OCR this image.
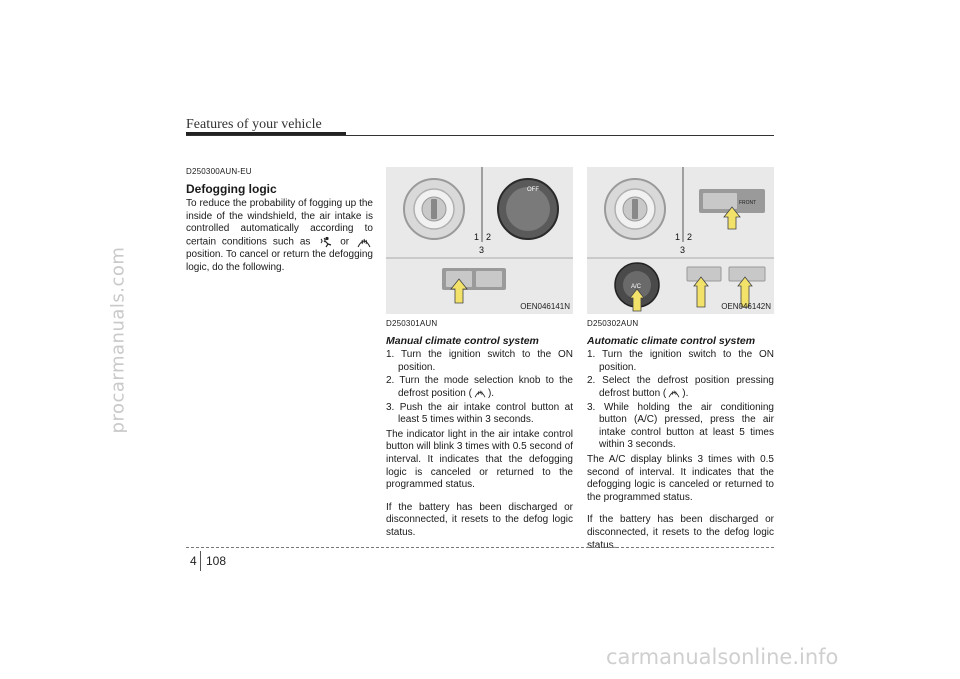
procarmanuals.com
carmanualsonline.info
Features of your vehicle
D250300AUN-EU
Defogging logic

To reduce the probability of fogging up the inside of the windshield, the air intake is controlled automatically according to certain conditions such as	or  position. To cancel or return the defogging logic, do the following.

OFF
1 2
3
OEN046141N
FRONT
1 2
3
A/C
OEN046142N
D250301AUN
Manual climate control system
1. Turn the ignition switch to the ON position.
2. Turn the mode selection knob to the defrost position ( ).
3. Push the air intake control button at least 5 times within 3 seconds.

The indicator light in the air intake control button will blink 3 times with 0.5 second of interval. It indicates that the defogging logic is canceled or returned to the programmed status.

If the battery has been discharged or disconnected, it resets to the defog logic status.

D250302AUN
Automatic climate control system
1. Turn the ignition switch to the ON position.
2. Select the defrost position pressing defrost button ( ).
3. While holding the air conditioning button (A/C) pressed, press the air intake control button at least 5 times within 3 seconds.

The A/C display blinks 3 times with 0.5 second of interval. It indicates that the defogging logic is canceled or returned to the programmed status.

If the battery has been discharged or disconnected, it resets to the defog logic status.

4 108
